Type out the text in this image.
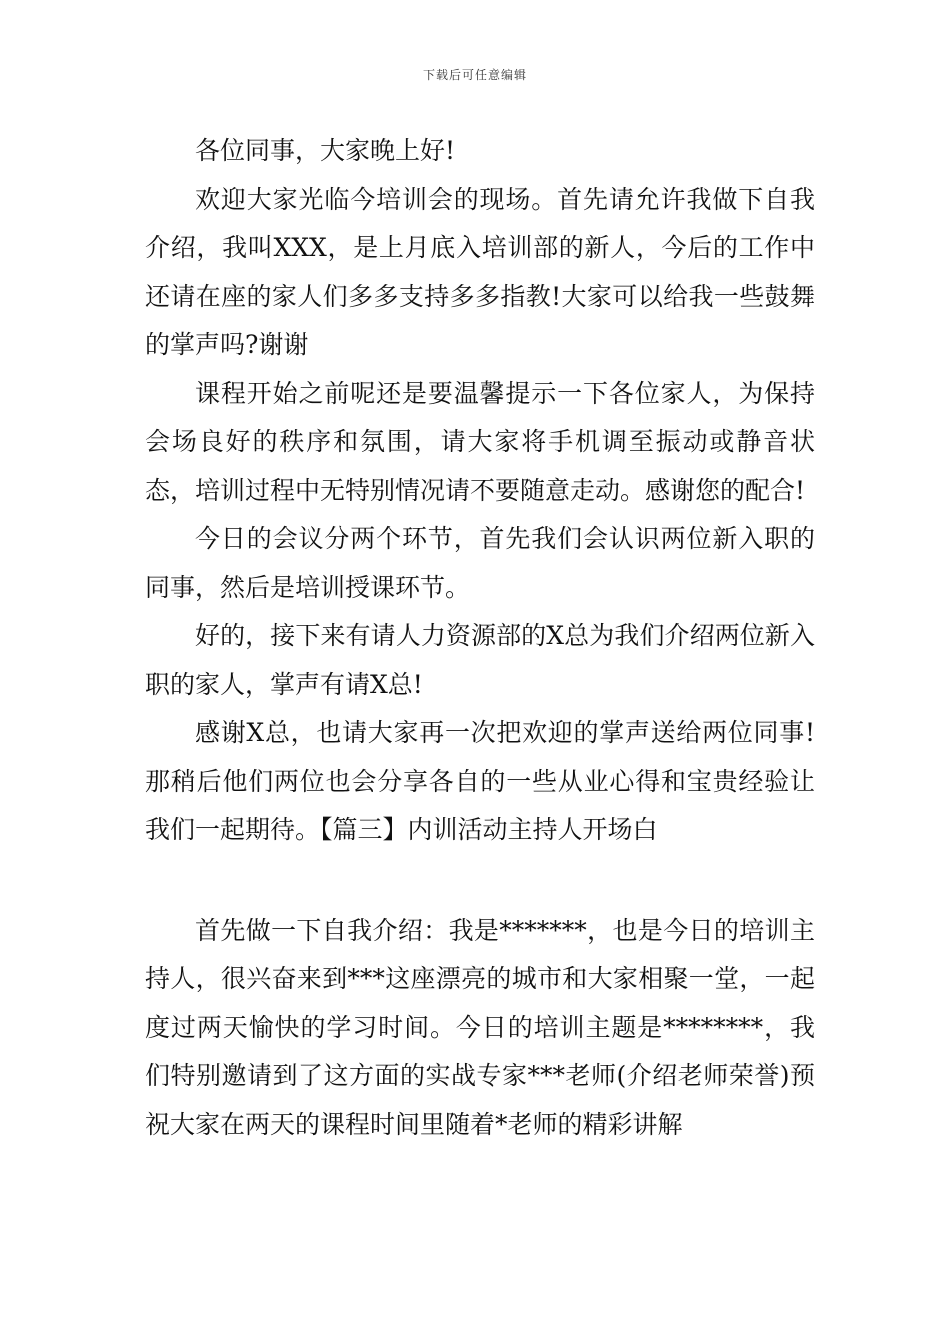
下载后可任意编辑

各位同事，大家晚上好!

欢迎大家光临今培训会的现场。首先请允许我做下自我介绍，我叫XXX，是上月底入培训部的新人，今后的工作中还请在座的家人们多多支持多多指教!大家可以给我一些鼓舞的掌声吗?谢谢

课程开始之前呢还是要温馨提示一下各位家人，为保持会场良好的秩序和氛围，请大家将手机调至振动或静音状态，培训过程中无特别情况请不要随意走动。感谢您的配合!

今日的会议分两个环节，首先我们会认识两位新入职的同事，然后是培训授课环节。

好的，接下来有请人力资源部的X总为我们介绍两位新入职的家人，掌声有请X总!

感谢X总，也请大家再一次把欢迎的掌声送给两位同事!那稍后他们两位也会分享各自的一些从业心得和宝贵经验让我们一起期待。【篇三】内训活动主持人开场白

首先做一下自我介绍：我是*******，也是今日的培训主持人，很兴奋来到***这座漂亮的城市和大家相聚一堂，一起度过两天愉快的学习时间。今日的培训主题是********，我们特别邀请到了这方面的实战专家***老师(介绍老师荣誉)预祝大家在两天的课程时间里随着*老师的精彩讲解
